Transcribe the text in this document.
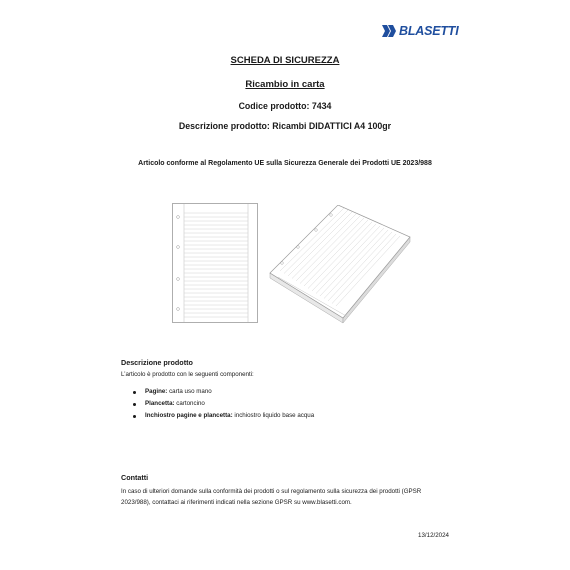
BLASETTI
SCHEDA DI SICUREZZA
Ricambio in carta
Codice prodotto: 7434
Descrizione prodotto: Ricambi DIDATTICI A4 100gr
Articolo conforme al Regolamento UE sulla Sicurezza Generale dei Prodotti UE 2023/988
Descrizione prodotto
L’articolo è prodotto con le seguenti componenti:
Pagine: carta uso mano
Plancetta: cartoncino
Inchiostro pagine e plancetta: inchiostro liquido base acqua
Contatti
In caso di ulteriori domande sulla conformità dei prodotti o sul regolamento sulla sicurezza dei prodotti (GPSR 2023/988), contattaci ai riferimenti indicati nella sezione GPSR su www.blasetti.com.
13/12/2024
